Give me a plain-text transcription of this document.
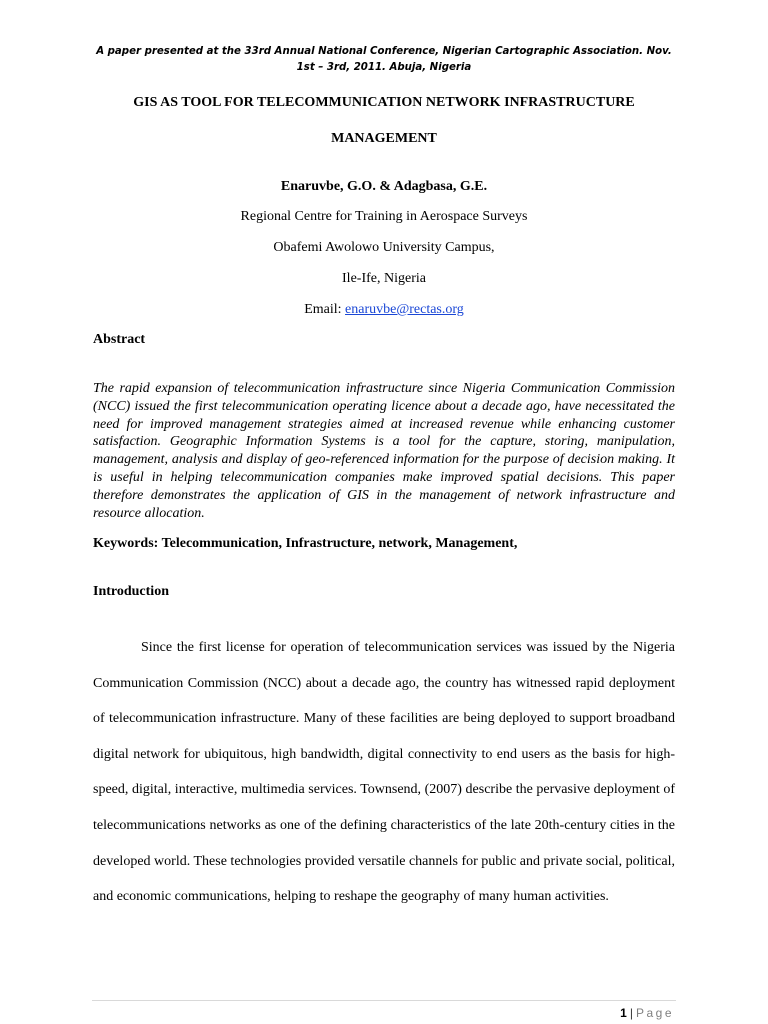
A paper presented at the 33rd Annual National Conference, Nigerian Cartographic Association. Nov. 1st – 3rd, 2011. Abuja, Nigeria
GIS AS TOOL FOR TELECOMMUNICATION NETWORK INFRASTRUCTURE
MANAGEMENT
Enaruvbe, G.O. & Adagbasa, G.E.
Regional Centre for Training in Aerospace Surveys
Obafemi Awolowo University Campus,
Ile-Ife, Nigeria
Email: enaruvbe@rectas.org
Abstract
The rapid expansion of telecommunication infrastructure since Nigeria Communication Commission (NCC) issued the first telecommunication operating licence about a decade ago, have necessitated the need for improved management strategies aimed at increased revenue while enhancing customer satisfaction. Geographic Information Systems is a tool for the capture, storing, manipulation, management, analysis and display of geo-referenced information for the purpose of decision making. It is useful in helping telecommunication companies make improved spatial decisions. This paper therefore demonstrates the application of GIS in the management of network infrastructure and resource allocation.
Keywords: Telecommunication, Infrastructure, network, Management,
Introduction
Since the first license for operation of telecommunication services was issued by the Nigeria Communication Commission (NCC) about a decade ago, the country has witnessed rapid deployment of telecommunication infrastructure. Many of these facilities are being deployed to support broadband digital network for ubiquitous, high bandwidth, digital connectivity to end users as the basis for high-speed, digital, interactive, multimedia services. Townsend, (2007) describe the pervasive deployment of telecommunications networks as one of the defining characteristics of the late 20th-century cities in the developed world. These technologies provided versatile channels for public and private social, political, and economic communications, helping to reshape the geography of many human activities.
1 | Page
